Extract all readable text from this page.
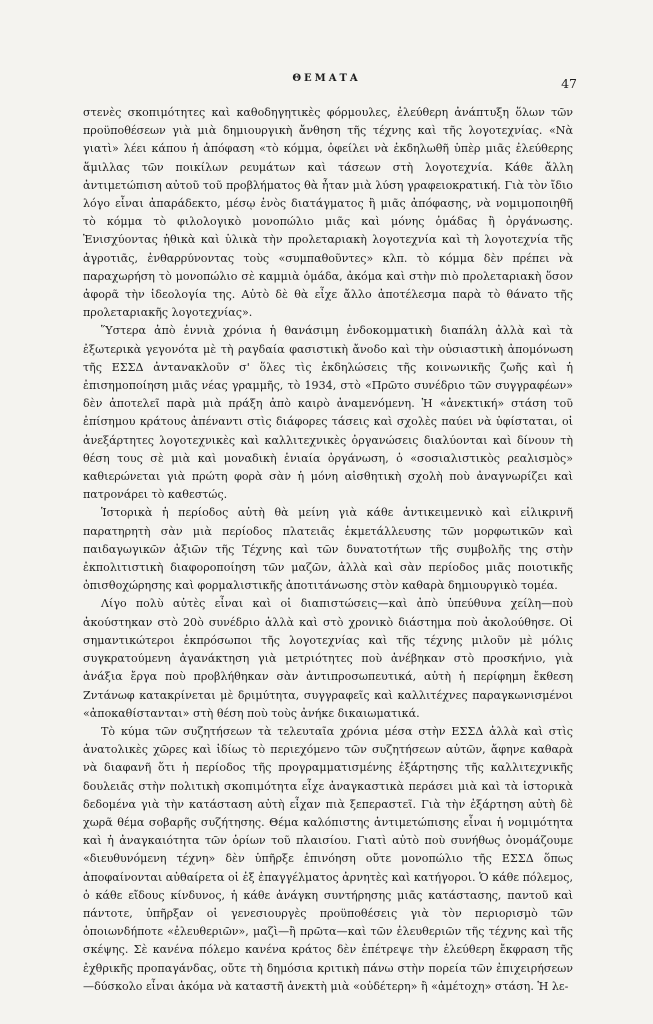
ΘΕΜΑΤΑ	47

στενὲς σκοπιμότητες καὶ καθοδηγητικὲς φόρμουλες, ἐλεύθερη ἀνάπτυξη ὅλων τῶν προϋποθέσεων γιὰ μιὰ δημιουργικὴ ἄνθηση τῆς τέχνης καὶ τῆς λογοτεχνίας. «Νὰ γιατὶ» λέει κάπου ἡ ἀπόφαση «τὸ κόμμα, ὀφείλει νὰ ἐκδηλωθῆ ὑπὲρ μιᾶς ἐλεύθερης ἅμιλλας τῶν ποικίλων ρευμάτων καὶ τάσεων στὴ λογοτεχνία. Κάθε ἄλλη ἀντιμετώπιση αὐτοῦ τοῦ προβλήματος θὰ ἦταν μιὰ λύση γραφειοκρατική. Γιὰ τὸν ἴδιο λόγο εἶναι ἀπαράδεκτο, μέσῳ ἑνὸς διατάγματος ἢ μιᾶς ἀπόφασης, νὰ νομιμοποιηθῆ τὸ κόμμα τὸ φιλολογικὸ μονοπώλιο μιᾶς καὶ μόνης ὁμάδας ἢ ὀργάνωσης. Ἐνισχύοντας ἠθικὰ καὶ ὑλικὰ τὴν προλεταριακὴ λογοτεχνία καὶ τὴ λογοτεχνία τῆς ἀγροτιᾶς, ἐνθαρρύνοντας τοὺς «συμπαθοῦντες» κλπ. τὸ κόμμα δὲν πρέπει νὰ παραχωρήση τὸ μονοπώλιο σὲ καμμιὰ ὁμάδα, ἀκόμα καὶ στὴν πιὸ προλεταριακὴ ὅσον ἀφορᾶ τὴν ἰδεολογία της. Αὐτὸ δὲ θὰ εἶχε ἄλλο ἀποτέλεσμα παρὰ τὸ θάνατο τῆς προλεταριακῆς λογοτεχνίας».

Ὕστερα ἀπὸ ἐννιὰ χρόνια ἡ θανάσιμη ἐνδοκομματικὴ διαπάλη ἀλλὰ καὶ τὰ ἐξωτερικὰ γεγονότα μὲ τὴ ραγδαία φασιστικὴ ἄνοδο καὶ τὴν οὐσιαστικὴ ἀπομόνωση τῆς ΕΣΣΔ ἀντανακλοῦν σ' ὅλες τὶς ἐκδηλώσεις τῆς κοινωνικῆς ζωῆς καὶ ἡ ἐπισημοποίηση μιᾶς νέας γραμμῆς, τὸ 1934, στὸ «Πρῶτο συνέδριο τῶν συγγραφέων» δὲν ἀποτελεῖ παρὰ μιὰ πράξη ἀπὸ καιρὸ ἀναμενόμενη. Ἡ «ἀνεκτική» στάση τοῦ ἐπίσημου κράτους ἀπέναντι στὶς διάφορες τάσεις καὶ σχολὲς παύει νὰ ὑφίσταται, οἱ ἀνεξάρτητες λογοτεχνικὲς καὶ καλλιτεχνικὲς ὀργανώσεις διαλύονται καὶ δίνουν τὴ θέση τους σὲ μιὰ καὶ μοναδικὴ ἑνιαία ὀργάνωση, ὁ «σοσιαλιστικὸς ρεαλισμὸς» καθιερώνεται γιὰ πρώτη φορὰ σὰν ἡ μόνη αἰσθητικὴ σχολὴ ποὺ ἀναγνωρίζει καὶ πατρονάρει τὸ καθεστώς.

Ἱστορικὰ ἡ περίοδος αὐτὴ θὰ μείνη γιὰ κάθε ἀντικειμενικὸ καὶ εἰλικρινῆ παρατηρητὴ σὰν μιὰ περίοδος πλατειᾶς ἐκμετάλλευσης τῶν μορφωτικῶν καὶ παιδαγωγικῶν ἀξιῶν τῆς Τέχνης καὶ τῶν δυνατοτήτων τῆς συμβολῆς της στὴν ἐκπολιτιστικὴ διαφοροποίηση τῶν μαζῶν, ἀλλὰ καὶ σὰν περίοδος μιᾶς ποιοτικῆς ὀπισθοχώρησης καὶ φορμαλιστικῆς ἀποτιτάνωσης στὸν καθαρὰ δημιουργικὸ τομέα.

Λίγο πολὺ αὐτὲς εἶναι καὶ οἱ διαπιστώσεις—καὶ ἀπὸ ὑπεύθυνα χείλη—ποὺ ἀκούστηκαν στὸ 20ὸ συνέδριο ἀλλὰ καὶ στὸ χρονικὸ διάστημα ποὺ ἀκολούθησε. Οἱ σημαντικώτεροι ἐκπρόσωποι τῆς λογοτεχνίας καὶ τῆς τέχνης μιλοῦν μὲ μόλις συγκρατούμενη ἀγανάκτηση γιὰ μετριότητες ποὺ ἀνέβηκαν στὸ προσκήνιο, γιὰ ἀνάξια ἔργα ποὺ προβλήθηκαν σὰν ἀντιπροσωπευτικά, αὐτὴ ἡ περίφημη ἔκθεση Ζντάνωφ κατακρίνεται μὲ δριμύτητα, συγγραφεῖς καὶ καλλιτέχνες παραγκωνισμένοι «ἀποκαθίστανται» στὴ θέση ποὺ τοὺς ἀνήκε δικαιωματικά.

Τὸ κύμα τῶν συζητήσεων τὰ τελευταῖα χρόνια μέσα στὴν ΕΣΣΔ ἀλλὰ καὶ στὶς ἀνατολικὲς χῶρες καὶ ἰδίως τὸ περιεχόμενο τῶν συζητήσεων αὐτῶν, ἄφηνε καθαρὰ νὰ διαφανῆ ὅτι ἡ περίοδος τῆς προγραμματισμένης ἐξάρτησης τῆς καλλιτεχνικῆς δουλειᾶς στὴν πολιτικὴ σκοπιμότητα εἶχε ἀναγκαστικὰ περάσει μιὰ καὶ τὰ ἱστορικὰ δεδομένα γιὰ τὴν κατάσταση αὐτὴ εἶχαν πιὰ ξεπεραστεῖ. Γιὰ τὴν ἐξάρτηση αὐτὴ δὲ χωρᾶ θέμα σοβαρῆς συζήτησης. Θέμα καλόπιστης ἀντιμετώπισης εἶναι ἡ νομιμότητα καὶ ἡ ἀναγκαιότητα τῶν ὁρίων τοῦ πλαισίου. Γιατὶ αὐτὸ ποὺ συνήθως ὀνομάζουμε «διευθυνόμενη τέχνη» δὲν ὑπῆρξε ἐπινόηση οὔτε μονοπώλιο τῆς ΕΣΣΔ ὅπως ἀποφαίνονται αὐθαίρετα οἱ ἐξ ἐπαγγέλματος ἀρνητὲς καὶ κατήγοροι. Ὁ κάθε πόλεμος, ὁ κάθε εἴδους κίνδυνος, ἡ κάθε ἀνάγκη συντήρησης μιᾶς κατάστασης, παντοῦ καὶ πάντοτε, ὑπῆρξαν οἱ γενεσιουργὲς προϋποθέσεις γιὰ τὸν περιορισμὸ τῶν ὁποιωνδήποτε «ἐλευθεριῶν», μαζὶ—ἢ πρῶτα—καὶ τῶν ἐλευθεριῶν τῆς τέχνης καὶ τῆς σκέψης. Σὲ κανένα πόλεμο κανένα κράτος δὲν ἐπέτρεψε τὴν ἐλεύθερη ἔκφραση τῆς ἐχθρικῆς προπαγάνδας, οὔτε τὴ δημόσια κριτικὴ πάνω στὴν πορεία τῶν ἐπιχειρήσεων—δύσκολο εἶναι ἀκόμα νὰ καταστῆ ἀνεκτὴ μιὰ «οὐδέτερη» ἢ «ἀμέτοχη» στάση. Ἡ λε-
